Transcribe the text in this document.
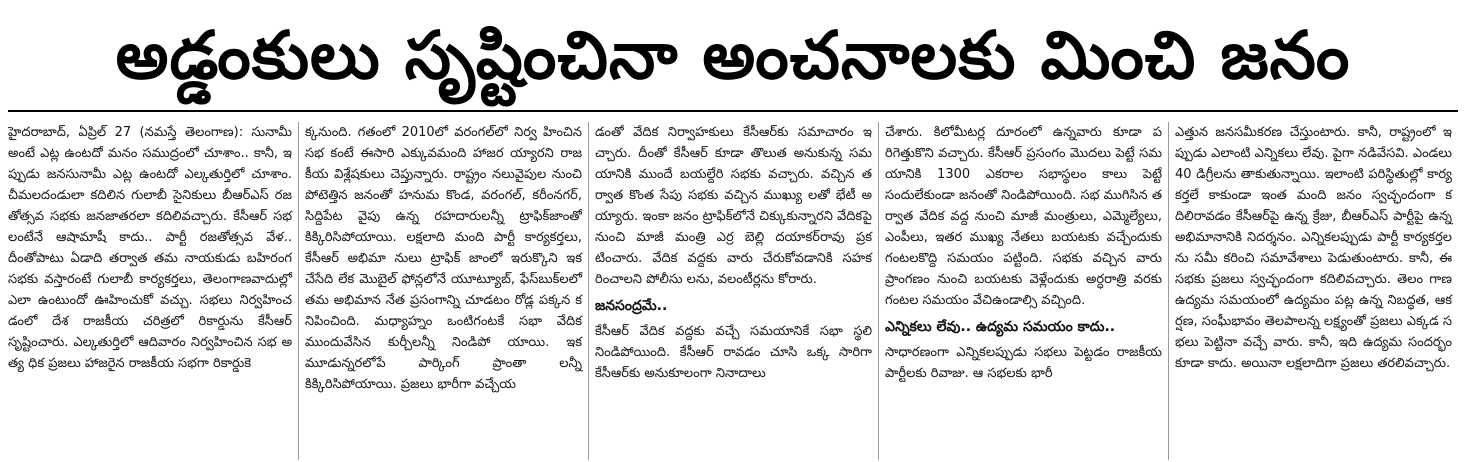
అడ్డంకులు సృష్టించినా అంచనాలకు మించి జనం

హైదరాబాద్, ఏప్రిల్ 27 (నమస్తే తెలంగాణ): సునామీ అంటే ఎట్ల ఉంటదో మనం సముద్రంలో చూశాం.. కానీ, ఇప్పుడు జనసునామీ ఎట్ల ఉంటదో ఎల్కతుర్తిలో చూశాం. చీమలదండులా కదిలిన గులాబీ సైనికులు బీఆర్ఎస్ రజతోత్సవ సభకు జనజాతరలా కదిలివచ్చారు. కేసీఆర్ సభ లంటేనే ఆషామాషీ కాదు.. పార్టీ రజతోత్సవ వేళ.. దీంతోపాటు ఏడాది తర్వాత తమ నాయకుడు బహిరంగ సభకు వస్తారంటే గులాబీ కార్యకర్తలు, తెలంగాణవాదుల్లో ఎలా ఉంటుందో ఊహించుకో వచ్చు. సభలు నిర్వహించడంలో దేశ రాజకీయ చరిత్రలో రికార్డును కేసీఆర్ సృష్టించారు. ఎల్కతుర్తిలో ఆదివారం నిర్వహించిన సభ అత్య ధిక ప్రజలు హాజరైన రాజకీయ సభగా రికార్డుకె

క్కనుంది. గతంలో 2010లో వరంగల్‌లో నిర్వ హించిన సభ కంటే ఈసారి ఎక్కువమంది హాజర య్యారని రాజకీయ విశ్లేషకులు చెప్తున్నారు. రాష్ట్రం నలువైపుల నుంచి పోటెత్తిన జనంతో హనుమ కొండ, వరంగల్, కరీంనగర్, సిద్దిపేట వైపు ఉన్న రహదారులన్నీ ట్రాఫిక్‌జాంతో కిక్కిరిసిపోయాయి. లక్షలాది మంది పార్టీ కార్యకర్తలు, కేసీఆర్ అభిమా నులు ట్రాఫిక్ జాంలో ఇరుక్కొని ఇక చేసేది లేక మొబైల్ ఫోన్లలోనే యూట్యూబ్, ఫేస్‌బుక్‌లలో తమ అభిమాన నేత ప్రసంగాన్ని చూడటం రోడ్ల పక్కన కనిపించింది. మధ్యాహ్నం ఒంటిగంటకే సభా వేదిక ముందువేసిన కుర్చీలన్నీ నిండిపో యాయి. ఇక మూడున్నరలోపే పార్కింగ్ ప్రాంతా లన్నీ కిక్కిరిసిపోయాయి. ప్రజలు భారీగా వచ్చేయ

డంతో వేదిక నిర్వాహకులు కేసీఆర్‌కు సమాచారం ఇచ్చారు. దీంతో కేసీఆర్ కూడా తొలుత అనుకున్న సమయానికి ముందే బయల్దేరి సభకు వచ్చారు. వచ్చిన తర్వాత కొంత సేపు సభకు వచ్చిన ముఖ్యు లతో భేటీ అయ్యారు. ఇంకా జనం ట్రాఫిక్‌లోనే చిక్కుకున్నారని వేదికపై నుంచి మాజీ మంత్రి ఎర్ర బెల్లి దయాకర్‌రావు ప్రకటించారు. వేదిక వద్దకు వారు చేరుకోవడానికి సహకరించాలని పోలీసు లను, వలంటీర్లను కోరారు.

జనసంద్రమే..

కేసీఆర్ వేదిక వద్దకు వచ్చే సమయానికే సభా స్థలి నిండిపోయింది. కేసీఆర్ రావడం చూసి ఒక్క సారిగా కేసీఆర్‌కు అనుకూలంగా నినాదాలు

చేశారు. కిలోమీటర్ల దూరంలో ఉన్నవారు కూడా పరిగెత్తుకొని వచ్చారు. కేసీఆర్ ప్రసంగం మొదలు పెట్టే సమయానికి 1300 ఎకరాల సభాస్థలం కాలు పెట్టే సందులేకుండా జనంతో నిండిపోయింది. సభ ముగిసిన తర్వాత వేదిక వద్ద నుంచి మాజీ మంత్రులు, ఎమ్మెల్యేలు, ఎంపీలు, ఇతర ముఖ్య నేతలు బయటకు వచ్చేందుకు గంటలకొద్ది సమయం పట్టింది. సభకు వచ్చిన వారు ప్రాంగణం నుంచి బయటకు వెళ్లేందుకు అర్ధరాత్రి వరకు గంటల సమయం వేచిఉండాల్సి వచ్చింది.

ఎన్నికలు లేవు.. ఉద్యమ సమయం కాదు..

సాధారణంగా ఎన్నికలప్పుడు సభలు పెట్టడం రాజకీయ పార్టీలకు రివాజు. ఆ సభలకు భారీ

ఎత్తున జనసమీకరణ చేస్తుంటారు. కానీ, రాష్ట్రంలో ఇప్పుడు ఎలాంటి ఎన్నికలు లేవు. పైగా నడివేసవి. ఎండలు 40 డిగ్రీలను తాకుతున్నాయి. ఇలాంటి పరిస్థితుల్లో కార్యకర్తలే కాకుండా ఇంత మంది జనం స్వచ్ఛందంగా కదిలిరావడం కేసీఆర్‌పై ఉన్న క్రేజు, బీఆర్ఎస్ పార్టీపై ఉన్న అభిమానానికి నిదర్శనం. ఎన్నికలప్పుడు పార్టీ కార్యకర్తలను సమీ కరించి సమావేశాలు పెడుతుంటారు. కానీ, ఈ సభకు ప్రజలు స్వచ్ఛందంగా కదిలివచ్చారు. తెలం గాణ ఉద్యమ సమయంలో ఉద్యమం పట్ల ఉన్న నిబద్ధత, ఆకర్షణ, సంఘీభావం తెలపాలన్న లక్ష్యంతో ప్రజలు ఎక్కడ సభలు పెట్టినా వచ్చే వారు. కానీ, ఇది ఉద్యమ సందర్భం కూడా కాదు. అయినా లక్షలాదిగా ప్రజలు తరలివచ్చారు.
